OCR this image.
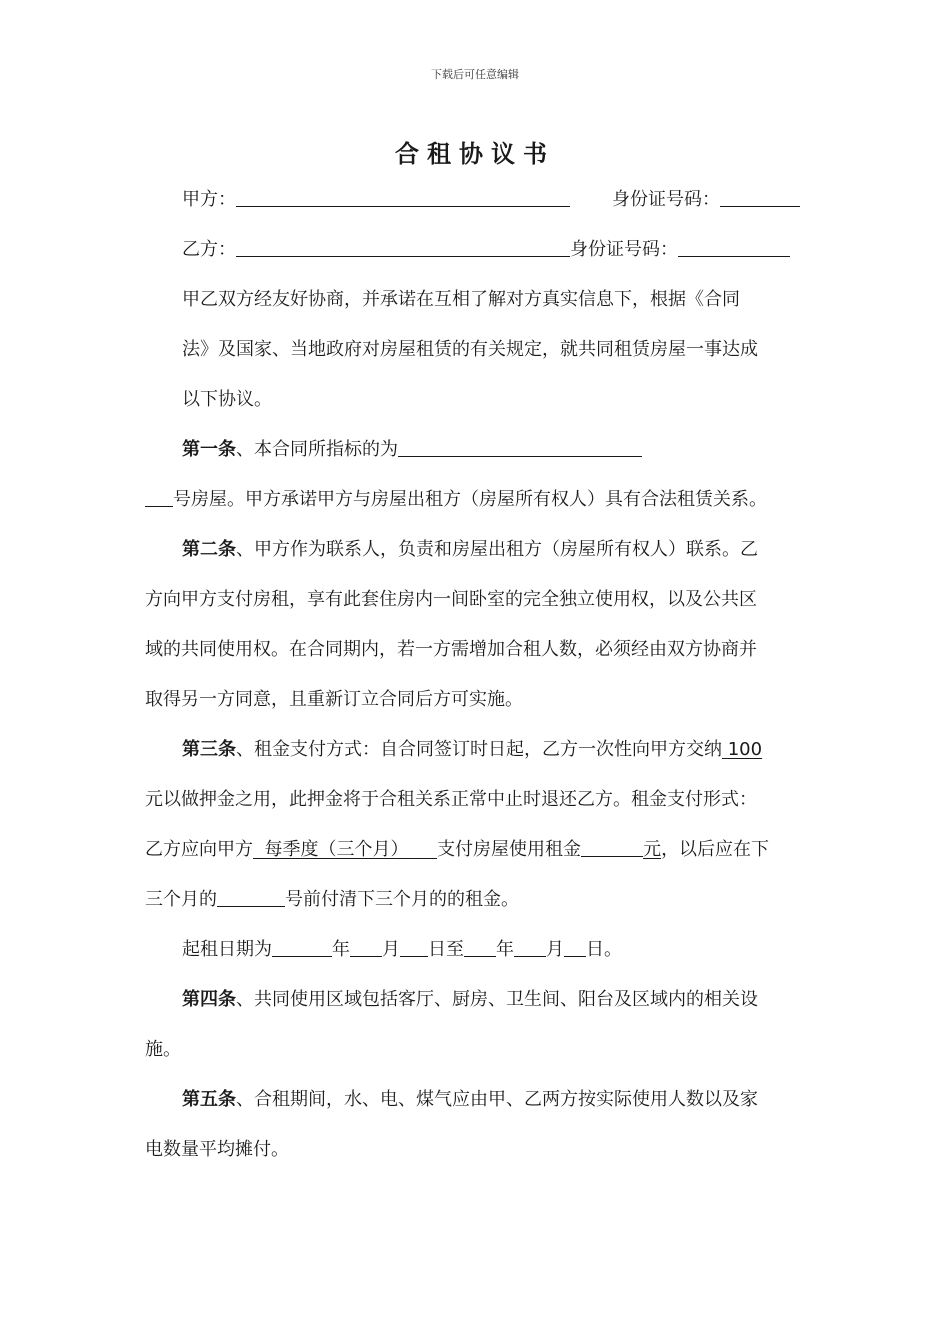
下载后可任意编辑
合租协议书
甲方：	身份证号码：
乙方：	身份证号码：
甲乙双方经友好协商，并承诺在互相了解对方真实信息下，根据《合同
法》及国家、当地政府对房屋租赁的有关规定，就共同租赁房屋一事达成
以下协议。
第一条、本合同所指标的为
号房屋。甲方承诺甲方与房屋出租方（房屋所有权人）具有合法租赁关系。
第二条、甲方作为联系人，负责和房屋出租方（房屋所有权人）联系。乙
方向甲方支付房租，享有此套住房内一间卧室的完全独立使用权，以及公共区
域的共同使用权。在合同期内，若一方需增加合租人数，必须经由双方协商并
取得另一方同意，且重新订立合同后方可实施。
第三条、租金支付方式：自合同签订时日起，乙方一次性向甲方交纳 100
元以做押金之用，此押金将于合租关系正常中止时退还乙方。租金支付形式：
乙方应向甲方 每季度（三个月） 支付房屋使用租金	元，以后应在下
三个月的	号前付清下三个月的的租金。
起租日期为	年 月 日至 年 月 日。
第四条、共同使用区域包括客厅、厨房、卫生间、阳台及区域内的相关设
施。
第五条、合租期间，水、电、煤气应由甲、乙两方按实际使用人数以及家
电数量平均摊付。
